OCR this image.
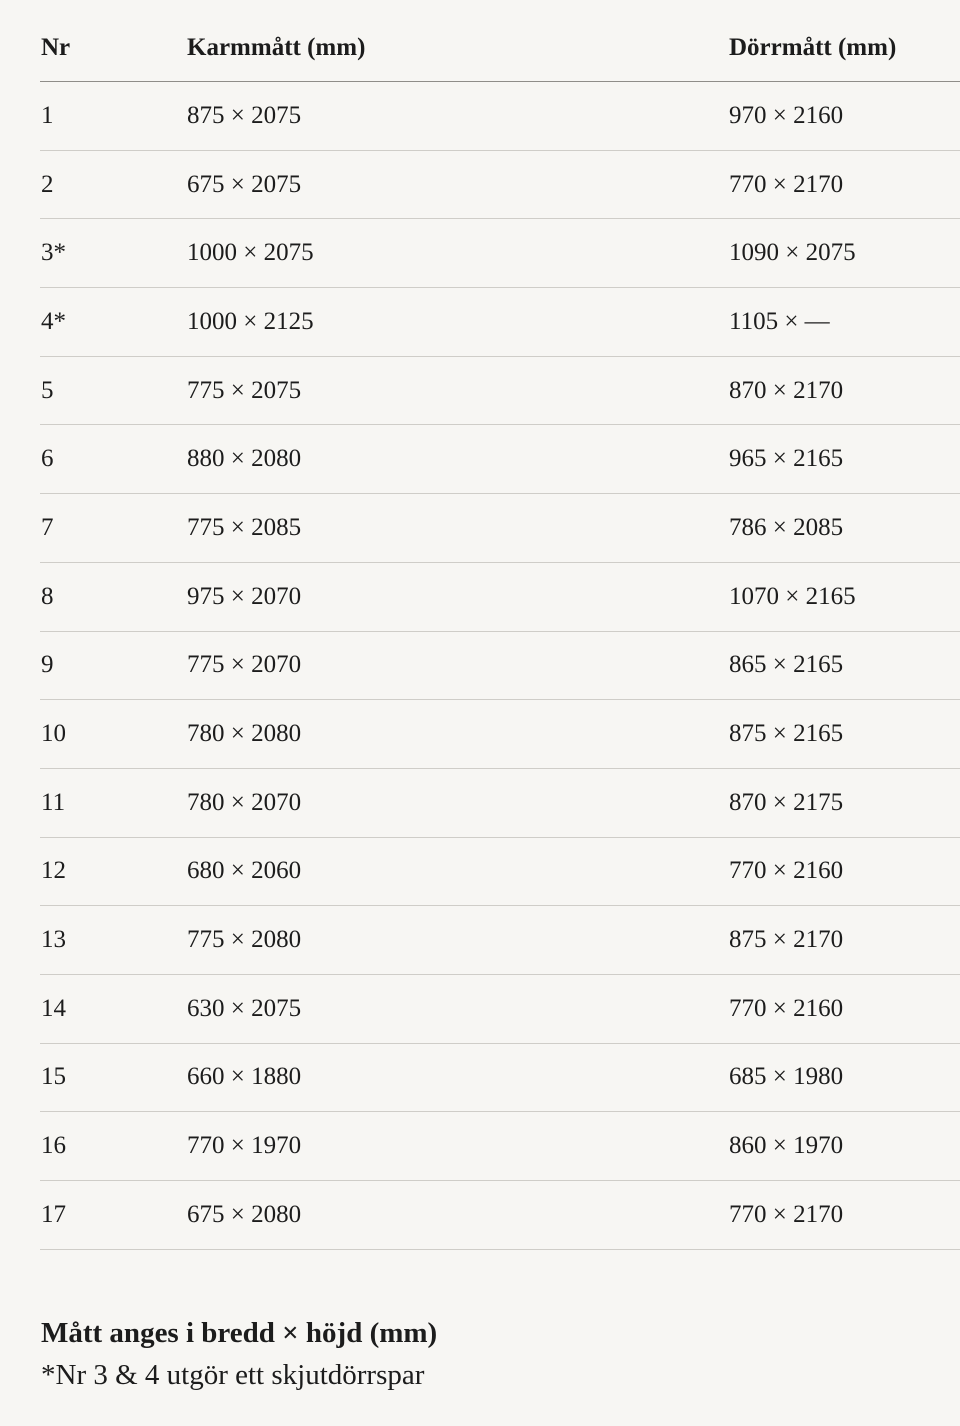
Nr	Karmmått (mm)	Dörrmått (mm)
1	875 × 2075	970 × 2160
2	675 × 2075	770 × 2170
3*	1000 × 2075	1090 × 2075
4*	1000 × 2125	1105 × —
5	775 × 2075	870 × 2170
6	880 × 2080	965 × 2165
7	775 × 2085	786 × 2085
8	975 × 2070	1070 × 2165
9	775 × 2070	865 × 2165
10	780 × 2080	875 × 2165
11	780 × 2070	870 × 2175
12	680 × 2060	770 × 2160
13	775 × 2080	875 × 2170
14	630 × 2075	770 × 2160
15	660 × 1880	685 × 1980
16	770 × 1970	860 × 1970
17	675 × 2080	770 × 2170
Mått anges i bredd × höjd (mm)
*Nr 3 & 4 utgör ett skjutdörrspar
